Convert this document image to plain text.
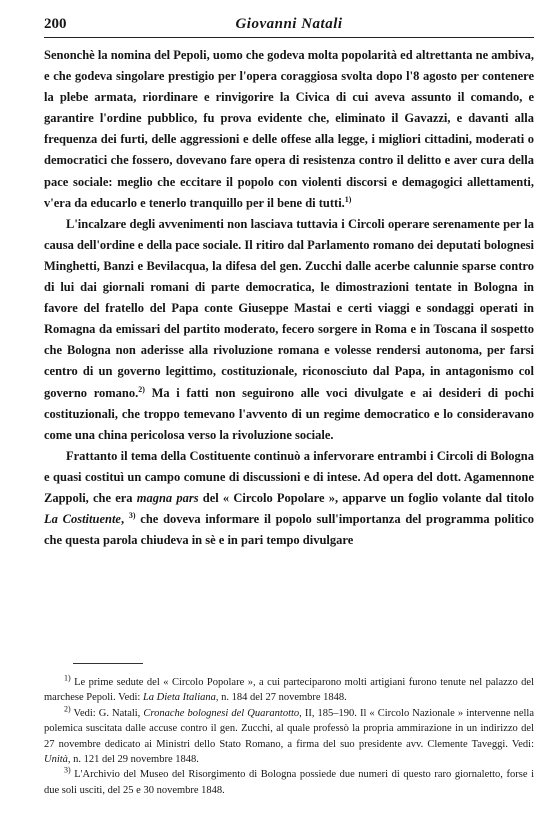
200	Giovanni Natali

Senonchè la nomina del Pepoli, uomo che godeva molta popolarità ed altrettanta ne ambiva, e che godeva singolare prestigio per l'opera coraggiosa svolta dopo l'8 agosto per contenere la plebe armata, riordinare e rinvigorire la Civica di cui aveva assunto il comando, e garantire l'ordine pubblico, fu prova evidente che, eliminato il Gavazzi, e davanti alla frequenza dei furti, delle aggressioni e delle offese alla legge, i migliori cittadini, moderati o democratici che fossero, dovevano fare opera di resistenza contro il delitto e aver cura della pace sociale: meglio che eccitare il popolo con violenti discorsi e demagogici allettamenti, v'era da educarlo e tenerlo tranquillo per il bene di tutti.$^{1)}$

L'incalzare degli avvenimenti non lasciava tuttavia i Circoli operare serenamente per la causa dell'ordine e della pace sociale. Il ritiro dal Parlamento romano dei deputati bolognesi Minghetti, Banzi e Bevilacqua, la difesa del gen. Zucchi dalle acerbe calunnie sparse contro di lui dai giornali romani di parte democratica, le dimostrazioni tentate in Bologna in favore del fratello del Papa conte Giuseppe Mastai e certi viaggi e sondaggi operati in Romagna da emissari del partito moderato, fecero sorgere in Roma e in Toscana il sospetto che Bologna non aderisse alla rivoluzione romana e volesse rendersi autonoma, per farsi centro di un governo legittimo, costituzionale, riconosciuto dal Papa, in antagonismo col governo romano.$^{2)}$ Ma i fatti non seguirono alle voci divulgate e ai desideri di pochi costituzionali, che troppo temevano l'avvento di un regime democratico e lo consideravano come una china pericolosa verso la rivoluzione sociale.

Frattanto il tema della Costituente continuò a infervorare entrambi i Circoli di Bologna e quasi costituì un campo comune di discussioni e di intese. Ad opera del dott. Agamennone Zappoli, che era magna pars del « Circolo Popolare », apparve un foglio volante dal titolo La Costituente, $^{3)}$ che doveva informare il popolo sull'importanza del programma politico che questa parola chiudeva in sè e in pari tempo divulgare

$^{1)}$ Le prime sedute del « Circolo Popolare », a cui parteciparono molti artigiani furono tenute nel palazzo del marchese Pepoli. Vedi: La Dieta Italiana, n. 184 del 27 novembre 1848.

$^{2)}$ Vedi: G. Natali, Cronache bolognesi del Quarantotto, II, 185–190. Il « Circolo Nazionale » intervenne nella polemica suscitata dalle accuse contro il gen. Zucchi, al quale professò la propria ammirazione in un indirizzo del 27 novembre dedicato ai Ministri dello Stato Romano, a firma del suo presidente avv. Clemente Taveggi. Vedi: Unità, n. 121 del 29 novembre 1848.

$^{3)}$ L'Archivio del Museo del Risorgimento di Bologna possiede due numeri di questo raro giornaletto, forse i due soli usciti, del 25 e 30 novembre 1848.
